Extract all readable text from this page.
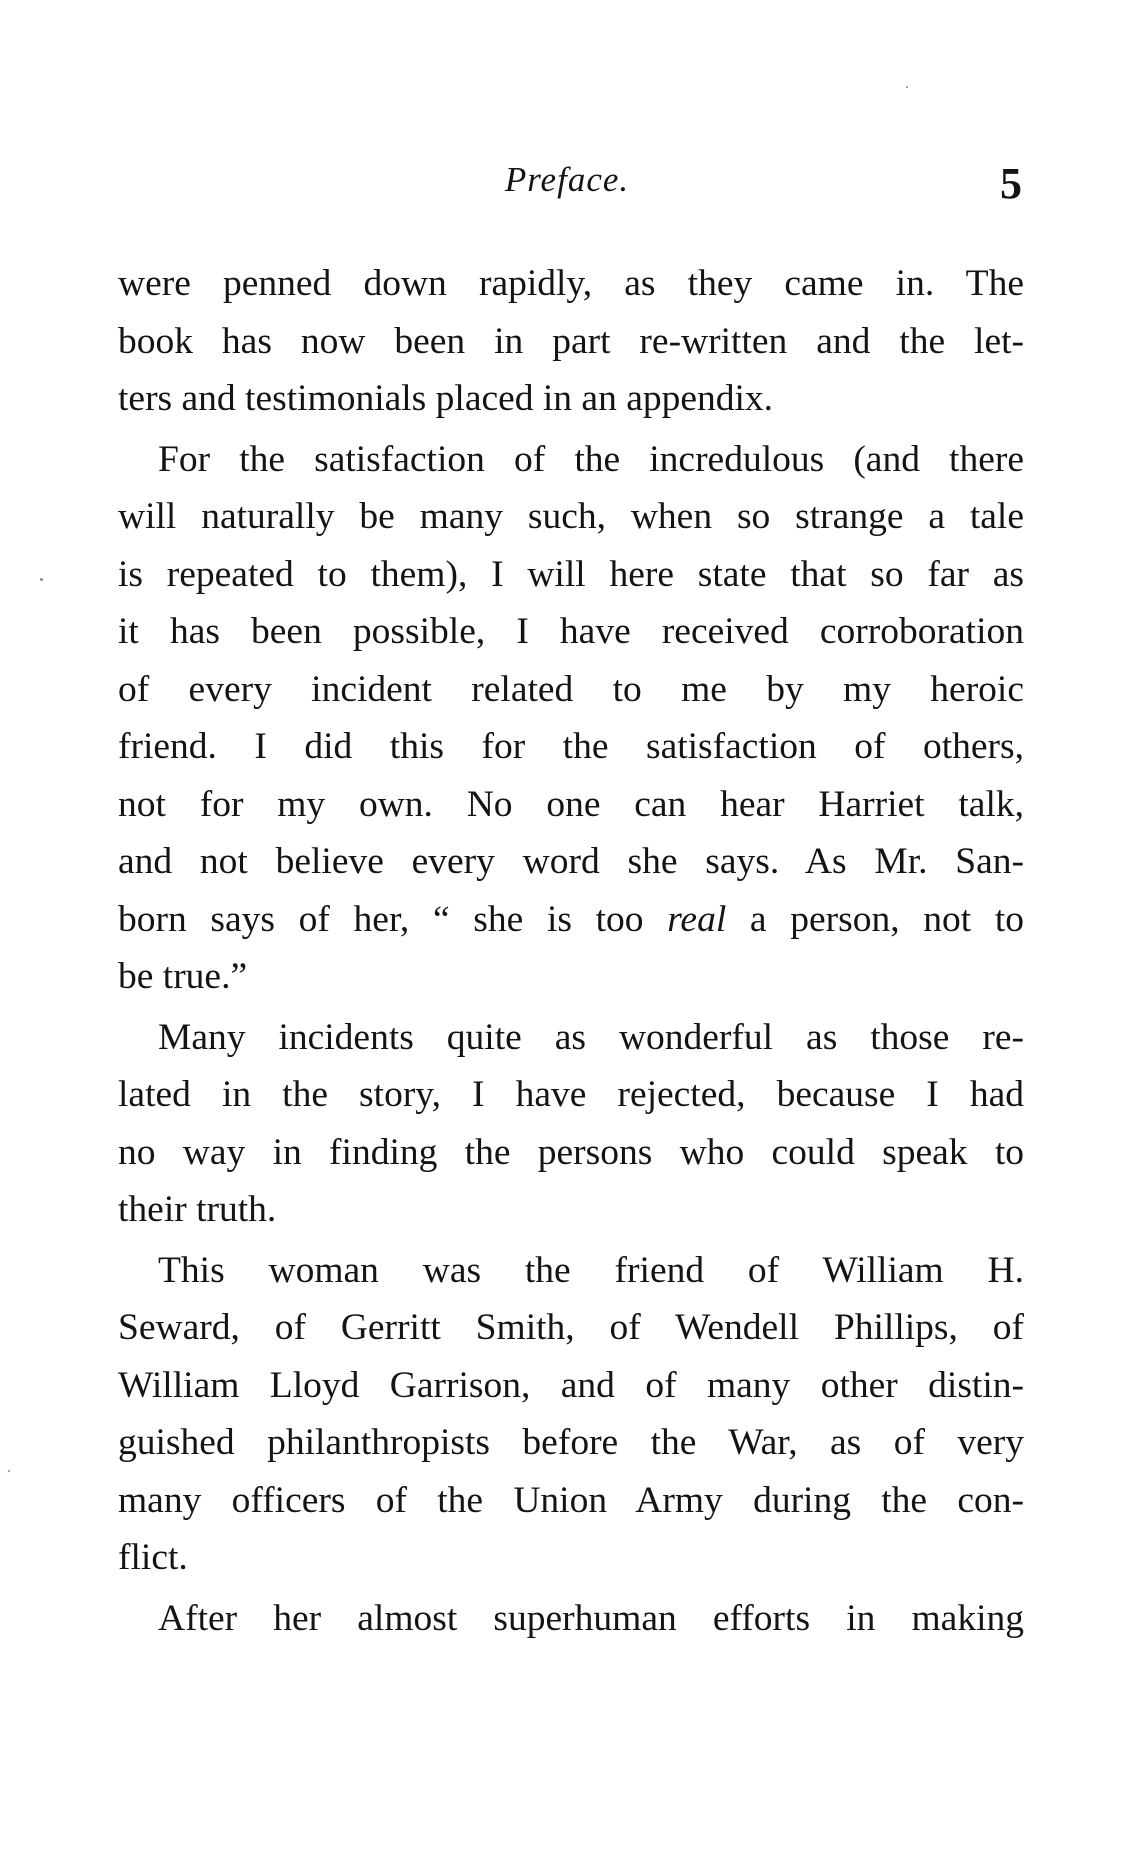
Preface.	5
were penned down rapidly, as they came in. The
book has now been in part re-written and the let-
ters and testimonials placed in an appendix.
For the satisfaction of the incredulous (and there
will naturally be many such, when so strange a tale
is repeated to them), I will here state that so far as
it has been possible, I have received corroboration
of every incident related to me by my heroic
friend. I did this for the satisfaction of others,
not for my own. No one can hear Harriet talk,
and not believe every word she says. As Mr. San-
born says of her, “ she is too real a person, not to
be true.”
Many incidents quite as wonderful as those re-
lated in the story, I have rejected, because I had
no way in finding the persons who could speak to
their truth.
This woman was the friend of William H.
Seward, of Gerritt Smith, of Wendell Phillips, of
William Lloyd Garrison, and of many other distin-
guished philanthropists before the War, as of very
many officers of the Union Army during the con-
flict.
After her almost superhuman efforts in making
